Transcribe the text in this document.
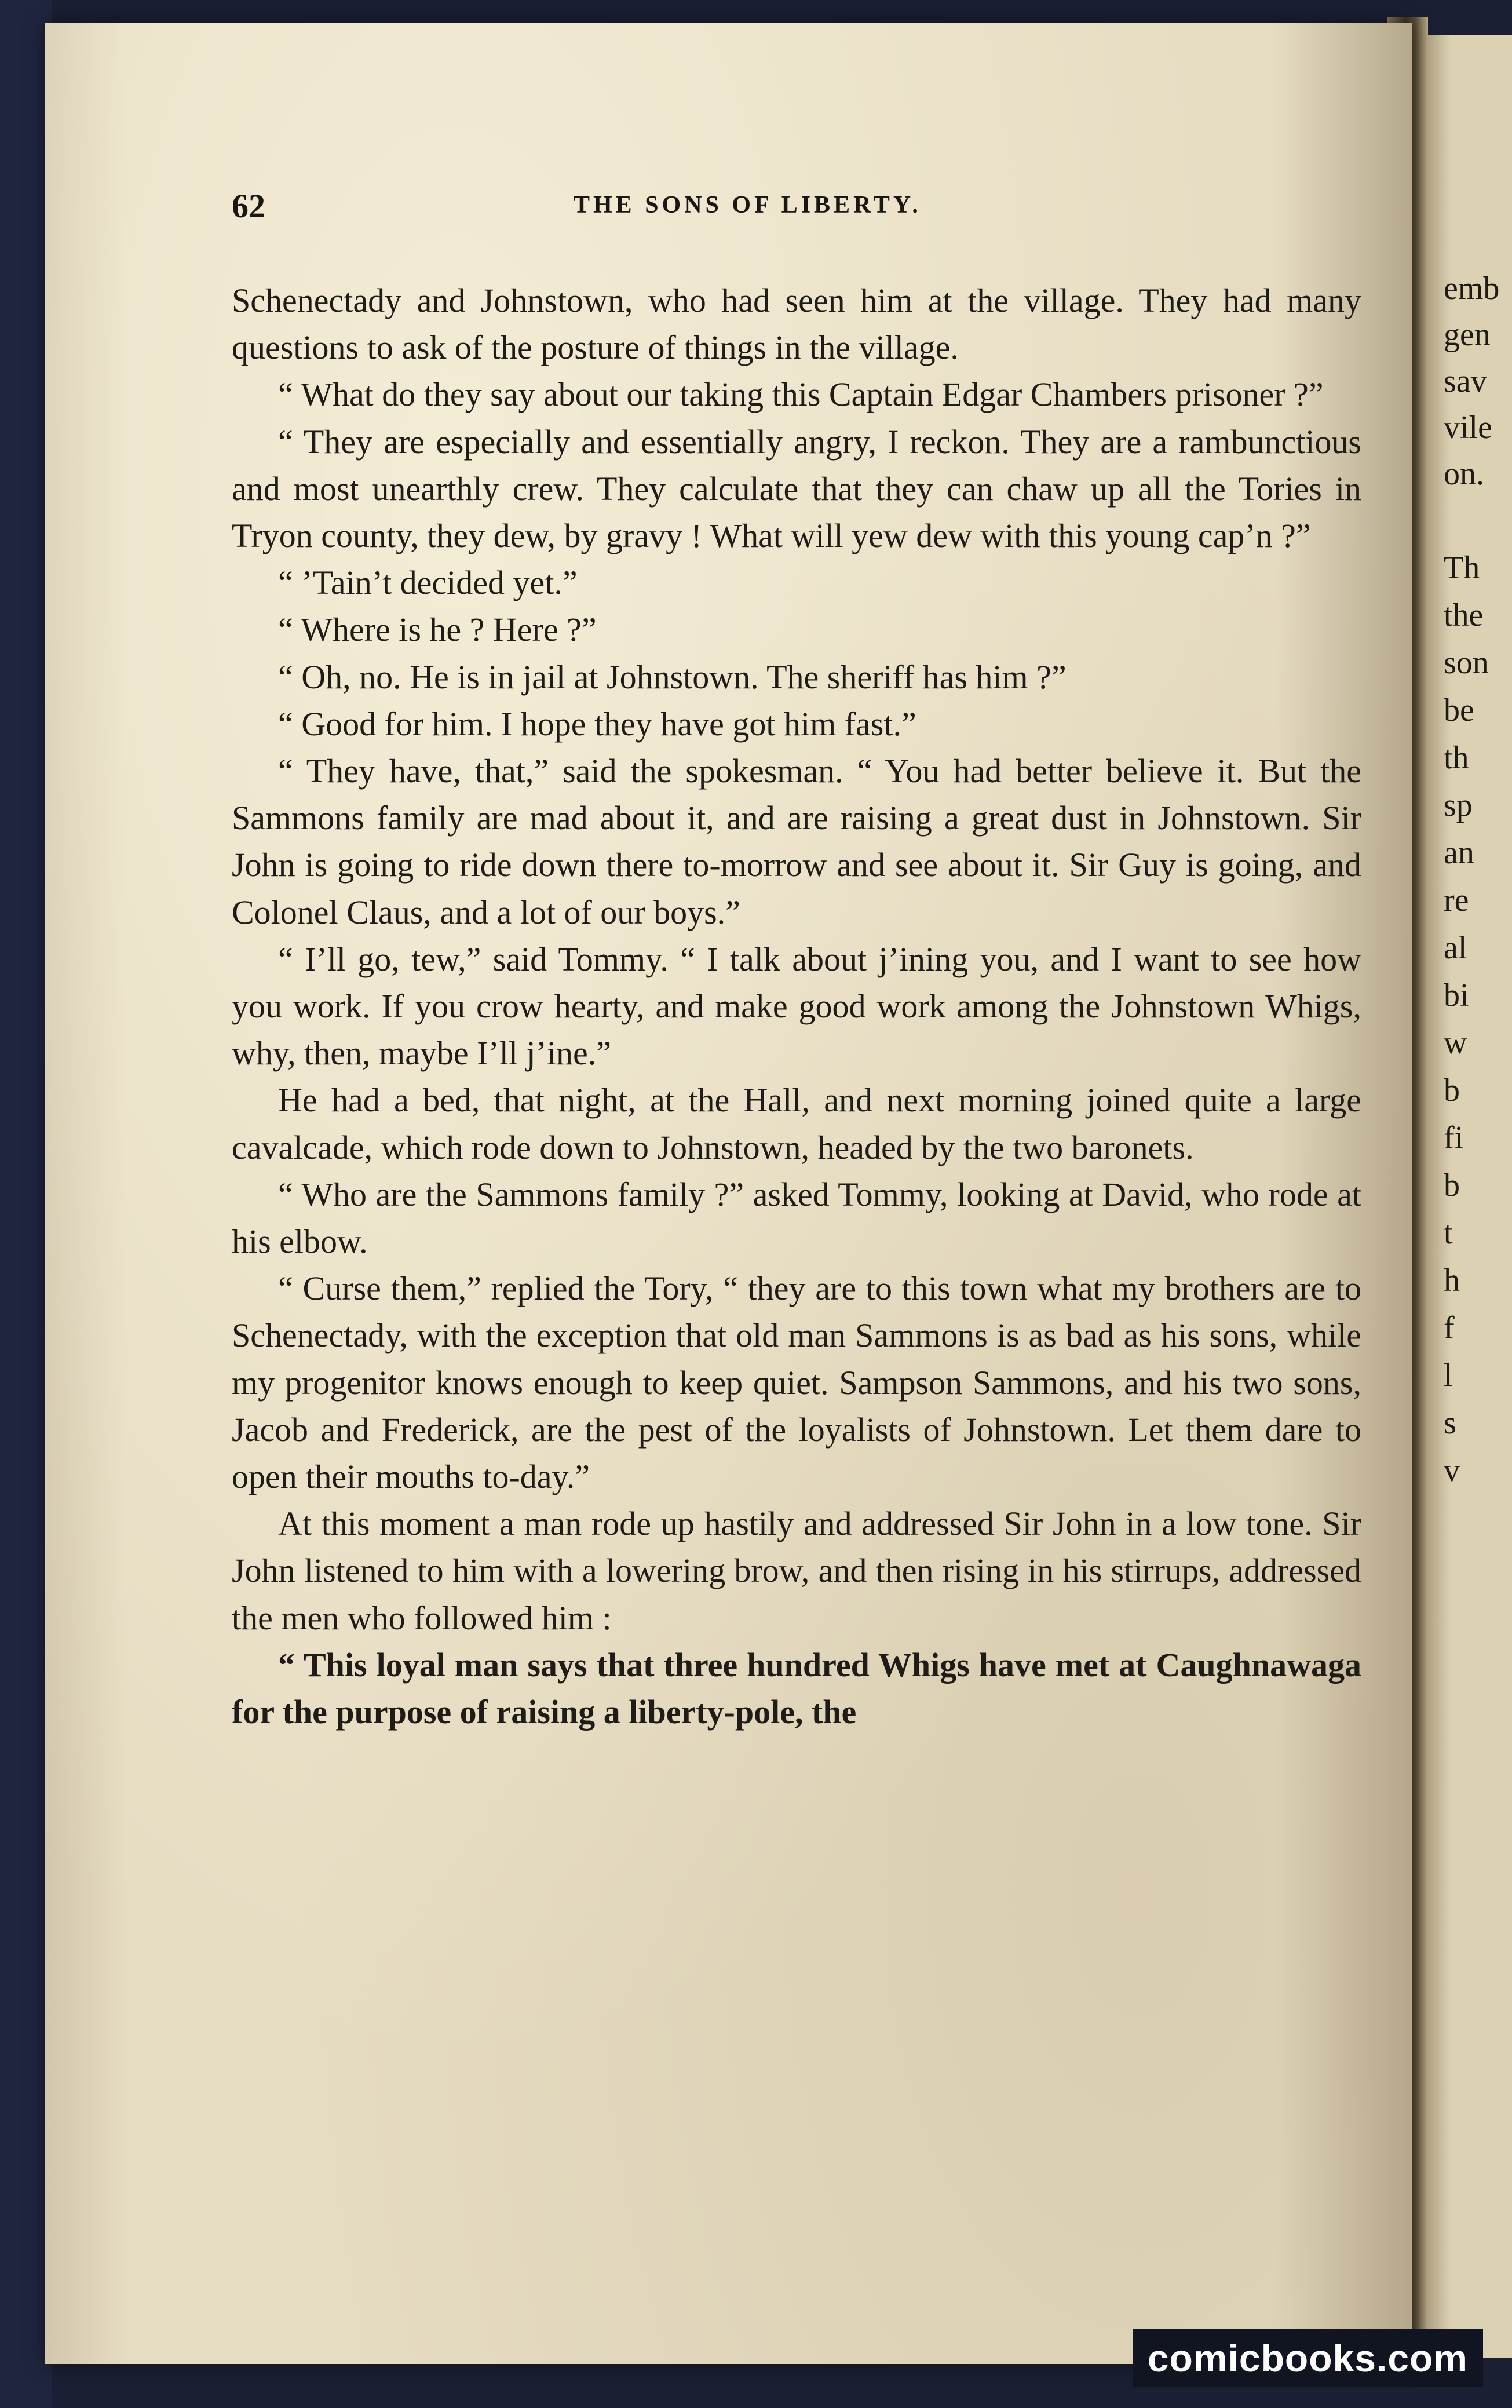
emb
gen
sav
vile
on.
Th
the
son
be
th
sp
an
re
al
bi
w
b
fi
b
t
h
f
l
s
v
62	THE SONS OF LIBERTY.

Schenectady and Johnstown, who had seen him at the village. They had many questions to ask of the posture of things in the village.

“ What do they say about our taking this Captain Edgar Chambers prisoner ?”

“ They are especially and essentially angry, I reckon. They are a rambunctious and most unearthly crew. They calculate that they can chaw up all the Tories in Tryon county, they dew, by gravy ! What will yew dew with this young cap’n ?”

“ ’Tain’t decided yet.”

“ Where is he ? Here ?”

“ Oh, no. He is in jail at Johnstown. The sheriff has him ?”

“ Good for him. I hope they have got him fast.”

“ They have, that,” said the spokesman. “ You had better believe it. But the Sammons family are mad about it, and are raising a great dust in Johnstown. Sir John is going to ride down there to-morrow and see about it. Sir Guy is going, and Colonel Claus, and a lot of our boys.”

“ I’ll go, tew,” said Tommy. “ I talk about j’ining you, and I want to see how you work. If you crow hearty, and make good work among the Johnstown Whigs, why, then, maybe I’ll j’ine.”

He had a bed, that night, at the Hall, and next morning joined quite a large cavalcade, which rode down to Johnstown, headed by the two baronets.

“ Who are the Sammons family ?” asked Tommy, looking at David, who rode at his elbow.

“ Curse them,” replied the Tory, “ they are to this town what my brothers are to Schenectady, with the exception that old man Sammons is as bad as his sons, while my progenitor knows enough to keep quiet. Sampson Sammons, and his two sons, Jacob and Frederick, are the pest of the loyalists of Johnstown. Let them dare to open their mouths to-day.”

At this moment a man rode up hastily and addressed Sir John in a low tone. Sir John listened to him with a lowering brow, and then rising in his stirrups, addressed the men who followed him :

“ This loyal man says that three hundred Whigs have met at Caughnawaga for the purpose of raising a liberty-pole, the

comicbooks.com
